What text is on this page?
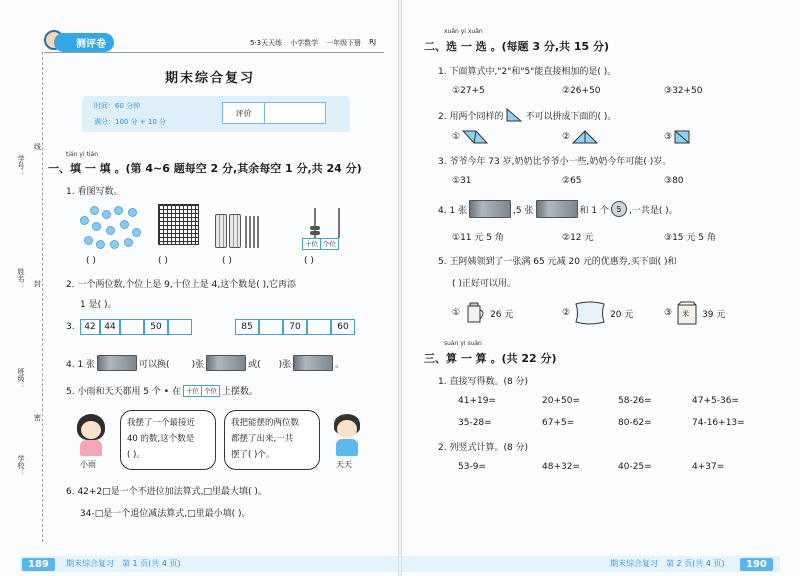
测评卷	5·3天天练 小学数学 一年级下册 RJ
学号：
姓名：
班级：
学校：
线
封
密
期末综合复习
时间：60 分钟
满分：100 分 + 10 分
评价
tián yi tián
一、填 一 填 。(第 4~6 题每空 2 分,其余每空 1 分,共 24 分)
1. 看图写数。
十位 个位
( )	( )	( )	( )
2. 一个两位数,个位上是 9,十位上是 4,这个数是( ),它再添
1 是( )。
3.	42 44	50	85	70	60
4. 1 张	可以换( )张	或( )张	。
5. 小雨和天天都用 5 个 • 在 十位 个位 上摆数。
小雨
我摆了一个最接近
40 的数,这个数是
( )。
我把能摆的两位数
都摆了出来,一共
摆了( )个。
天天
6. 42+2□是一个不进位加法算式,□里最大填( )。
34-□是一个退位减法算式,□里最小填( )。
189	期末综合复习　第 1 页(共 4 页)
xuǎn yi xuǎn
二、选 一 选 。(每题 3 分,共 15 分)
1. 下面算式中,"2"和"5"能直接相加的是( )。
①27+5	②26+50	③32+50
2. 用两个同样的 不可以拼成下面的( )。
①	②	③
3. 爷爷今年 73 岁,奶奶比爷爷小一些,奶奶今年可能( )岁。
①31	②65	③80
4. 1 张	,5 张	和 1 个 5 ,一共是( )。
①11 元 5 角	②12 元	③15 元 5 角
5. 王阿姨领到了一张满 65 元减 20 元的优惠券,买下面( )和
( )正好可以用。
①	26 元	②	20 元	③ 米 39 元
suàn yi suàn
三、算 一 算 。(共 22 分)
1. 直接写得数。(8 分)
41+19=	20+50=	58-26=	47+5-36=
35-28=	67+5=	80-62=	74-16+13=
2. 列竖式计算。(8 分)
53-9=	48+32=	40-25=	4+37=
期末综合复习　第 2 页(共 4 页)	190
